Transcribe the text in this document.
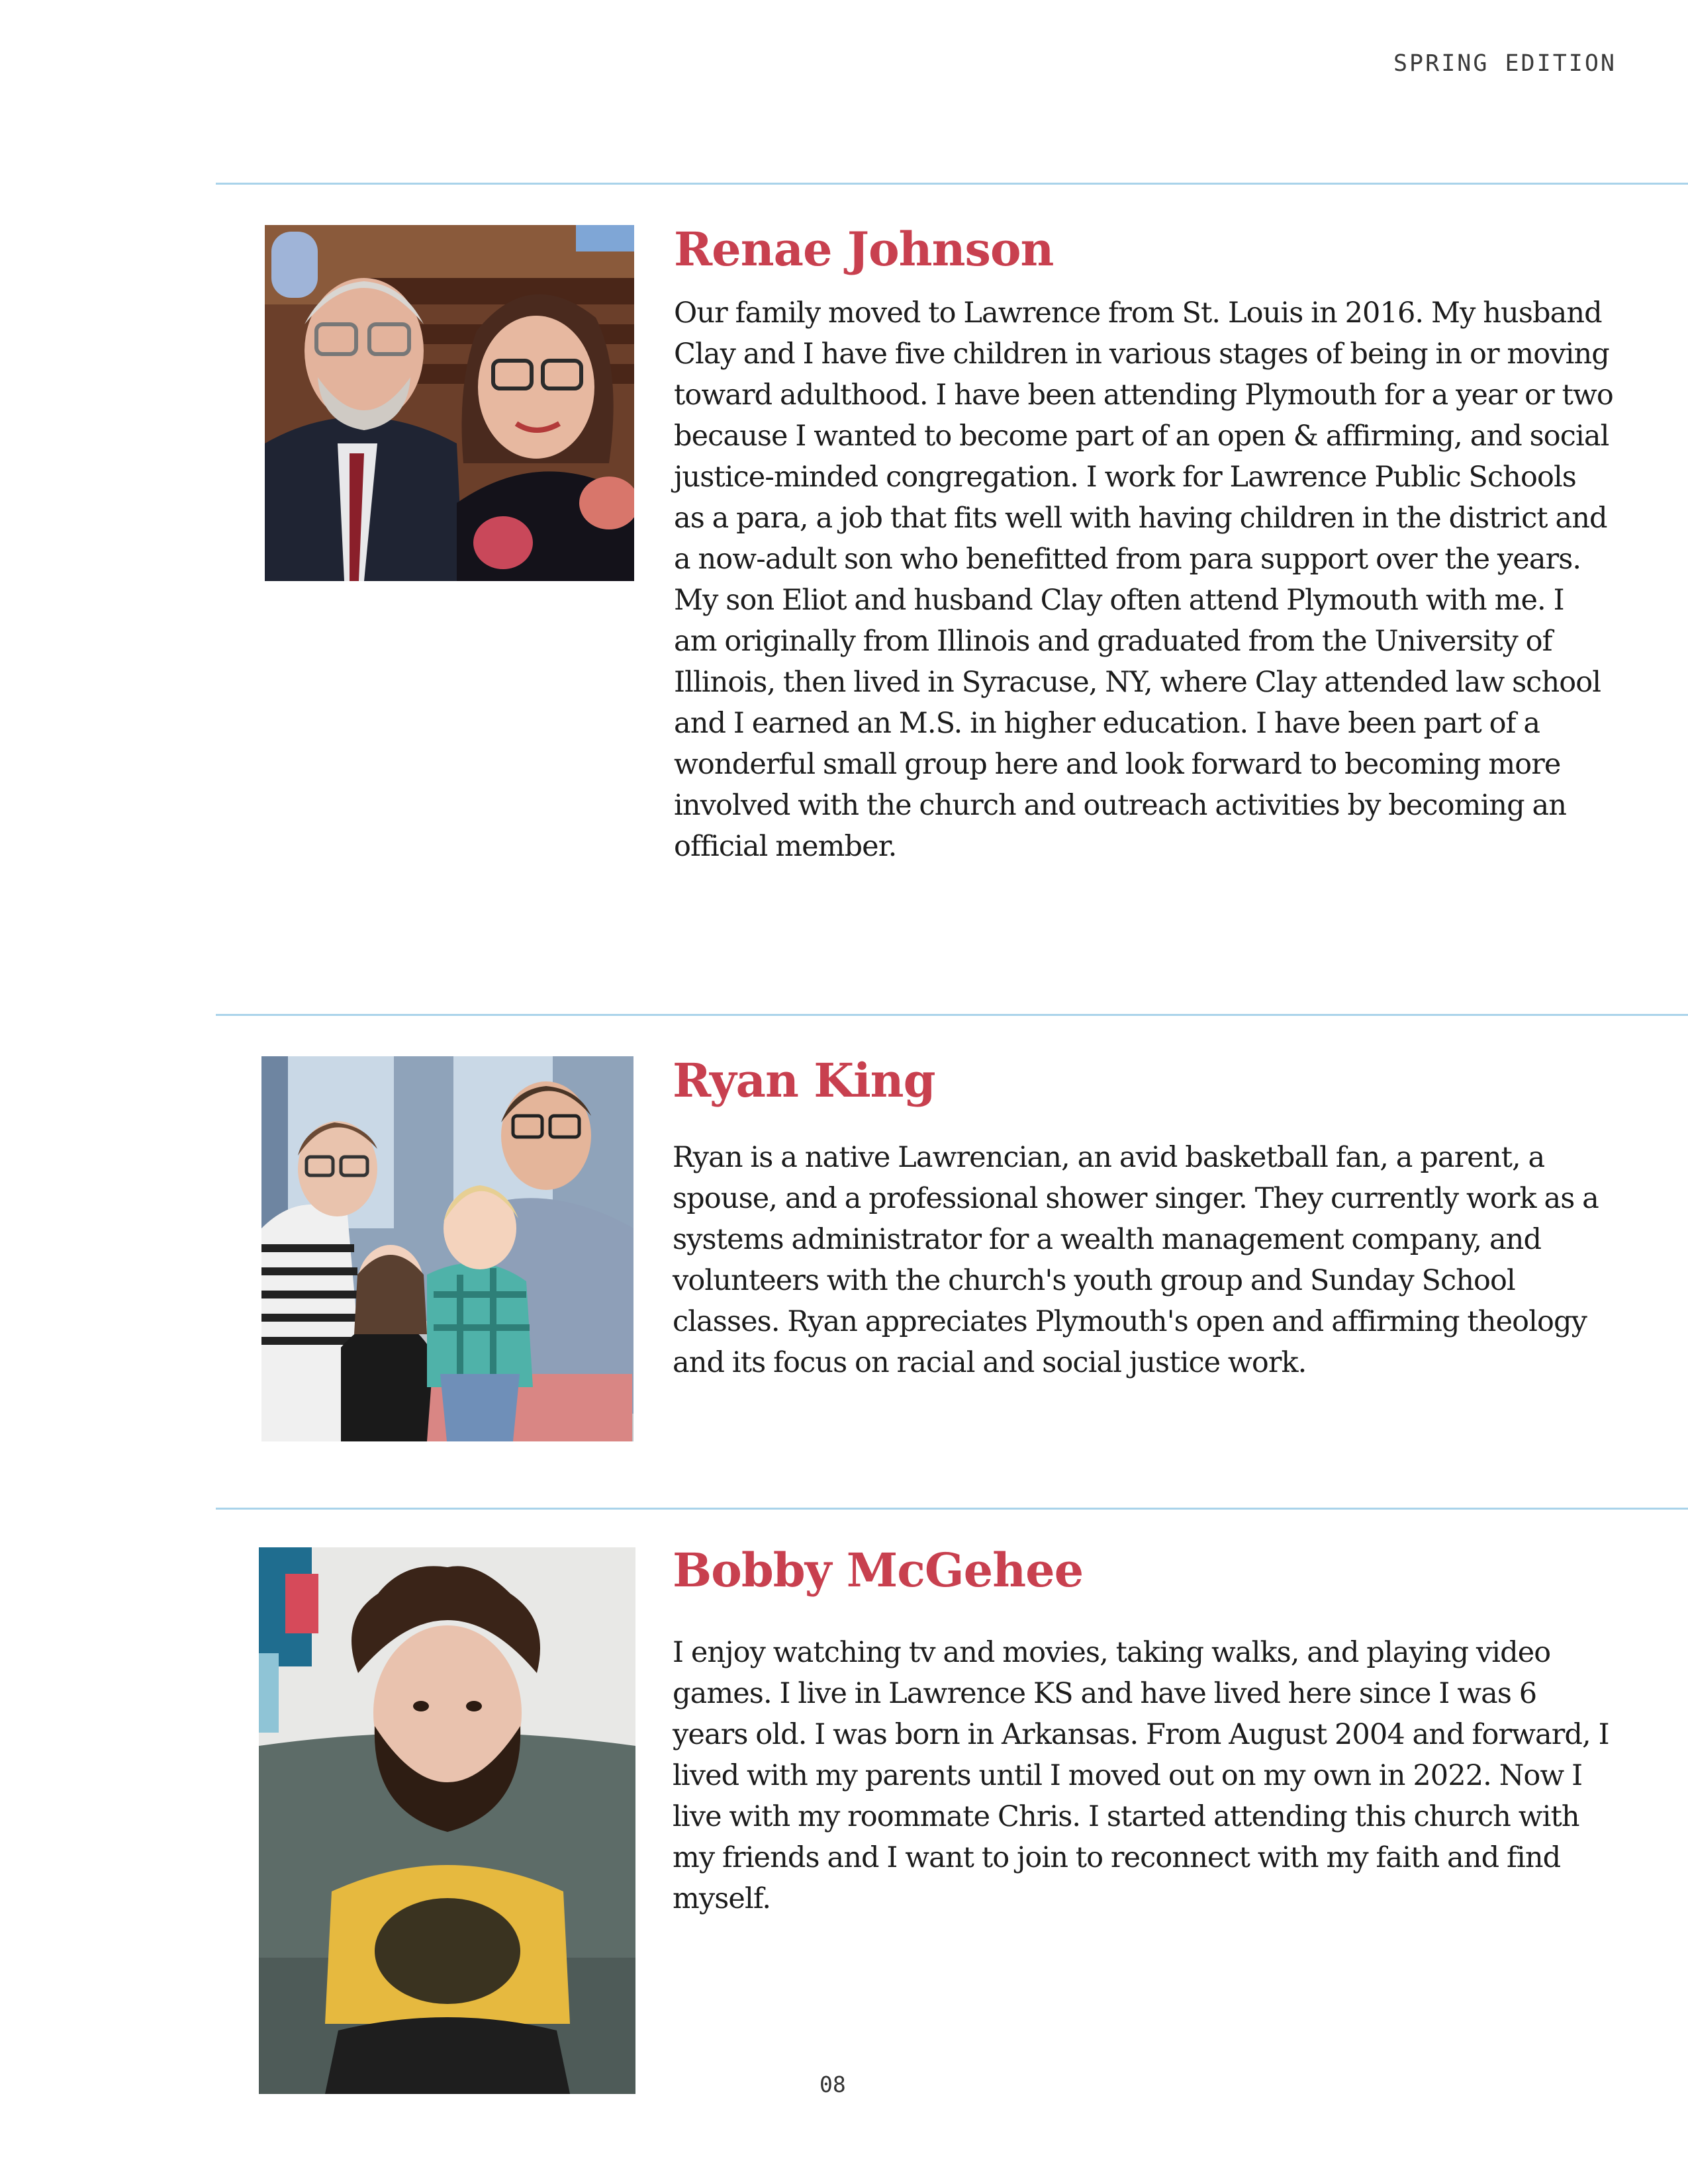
SPRING EDITION
Renae Johnson

Our family moved to Lawrence from St. Louis in 2016. My husband Clay and I have five children in various stages of being in or moving toward adulthood. I have been attending Plymouth for a year or two because I wanted to become part of an open & affirming, and social justice-minded congregation. I work for Lawrence Public Schools as a para, a job that fits well with having children in the district and a now-adult son who benefitted from para support over the years. My son Eliot and husband Clay often attend Plymouth with me. I am originally from Illinois and graduated from the University of Illinois, then lived in Syracuse, NY, where Clay attended law school and I earned an M.S. in higher education. I have been part of a wonderful small group here and look forward to becoming more involved with the church and outreach activities by becoming an official member.

Ryan King

Ryan is a native Lawrencian, an avid basketball fan, a parent, a spouse, and a professional shower singer. They currently work as a systems administrator for a wealth management company, and volunteers with the church's youth group and Sunday School classes. Ryan appreciates Plymouth's open and affirming theology and its focus on racial and social justice work.

Bobby McGehee

I enjoy watching tv and movies, taking walks, and playing video games. I live in Lawrence KS and have lived here since I was 6 years old. I was born in Arkansas. From August 2004 and forward, I lived with my parents until I moved out on my own in 2022. Now I live with my roommate Chris. I started attending this church with my friends and I want to join to reconnect with my faith and find myself.

08
